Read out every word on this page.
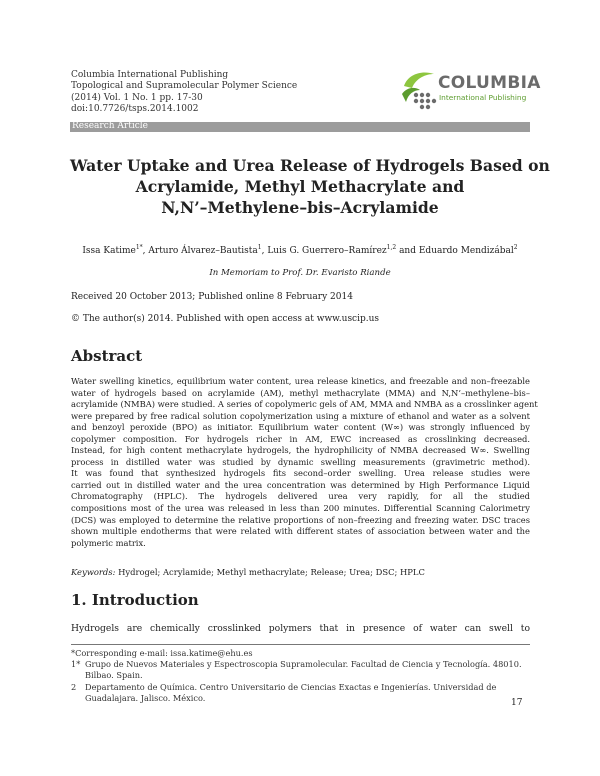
Columbia International Publishing
Topological and Supramolecular Polymer Science
(2014) Vol. 1 No. 1 pp. 17-30
doi:10.7726/tsps.2014.1002
COLUMBIA
International Publishing
Research Article
Water Uptake and Urea Release of Hydrogels Based on
Acrylamide, Methyl Methacrylate and
N,N’–Methylene–bis–Acrylamide
Issa Katime$^{1*}$, Arturo Álvarez–Bautista$^1$, Luis G. Guerrero–Ramírez$^{1,2}$ and Eduardo Mendizábal$^2$
In Memoriam to Prof. Dr. Evaristo Riande
Received 20 October 2013; Published online 8 February 2014
© The author(s) 2014. Published with open access at www.uscip.us
Abstract
Water swelling kinetics, equilibrium water content, urea release kinetics, and freezable and non–freezable
water of hydrogels based on acrylamide (AM), methyl methacrylate (MMA) and N,N’–methylene–bis–
acrylamide (NMBA) were studied. A series of copolymeric gels of AM, MMA and NMBA as a crosslinker agent
were prepared by free radical solution copolymerization using a mixture of ethanol and water as a solvent
and benzoyl peroxide (BPO) as initiator. Equilibrium water content (W∞) was strongly influenced by
copolymer composition. For hydrogels richer in AM, EWC increased as crosslinking decreased.
Instead, for high content methacrylate hydrogels, the hydrophilicity of NMBA decreased W∞. Swelling
process in distilled water was studied by dynamic swelling measurements (gravimetric method).
It was found that synthesized hydrogels fits second–order swelling. Urea release studies were
carried out in distilled water and the urea concentration was determined by High Performance Liquid
Chromatography (HPLC). The hydrogels delivered urea very rapidly, for all the studied
compositions most of the urea was released in less than 200 minutes. Differential Scanning Calorimetry
(DCS) was employed to determine the relative proportions of non–freezing and freezing water. DSC traces
shown multiple endotherms that were related with different states of association between water and the
polymeric matrix.
Keywords: Hydrogel; Acrylamide; Methyl methacrylate; Release; Urea; DSC; HPLC
1. Introduction
Hydrogels are chemically crosslinked polymers that in presence of water can swell to
*Corresponding e-mail: issa.katime@ehu.es
1* Grupo de Nuevos Materiales y Espectroscopia Supramolecular. Facultad de Ciencia y Tecnología. 48010.
Bilbao. Spain.
2 Departamento de Química. Centro Universitario de Ciencias Exactas e Ingenierías. Universidad de
Guadalajara. Jalisco. México.
17
